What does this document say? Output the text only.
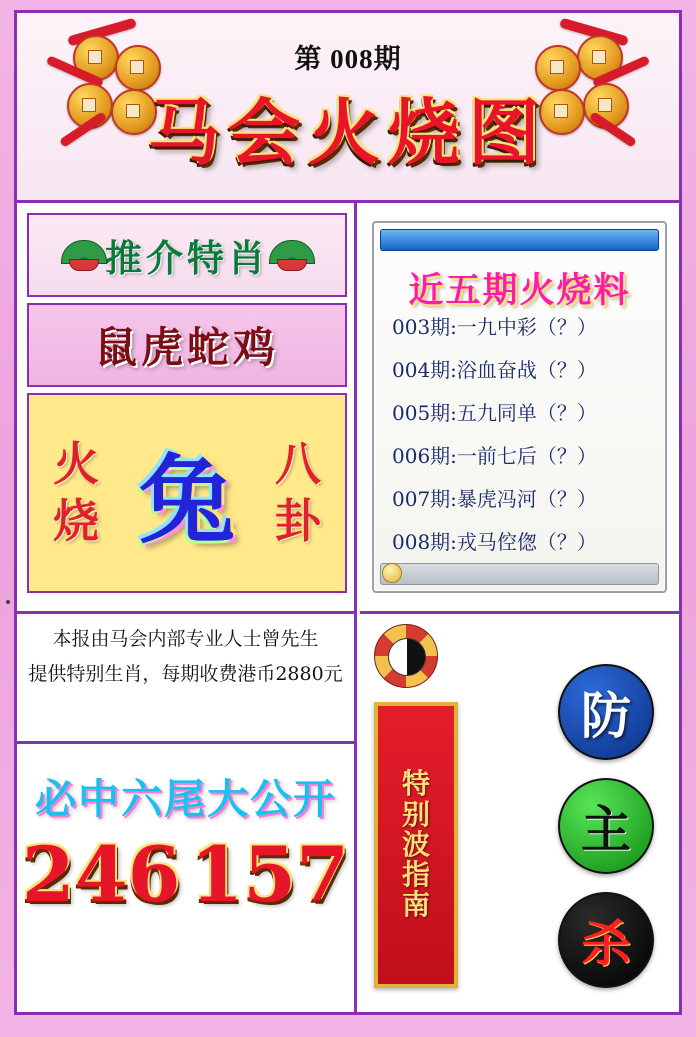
第 008期
马会火烧图
推介特肖
鼠虎蛇鸡
火
烧 兔 八
卦
近五期火烧料
003期:一九中彩（？）
004期:浴血奋战（？）
005期:五九同单（？）
006期:一前七后（？）
007期:暴虎冯河（？）
008期:戎马倥偬（？）

本报由马会内部专业人士曾先生

提供特别生肖，每期收费港币2880元

必中六尾大公开
246 157
特
别
波
指
南
防
主
杀
